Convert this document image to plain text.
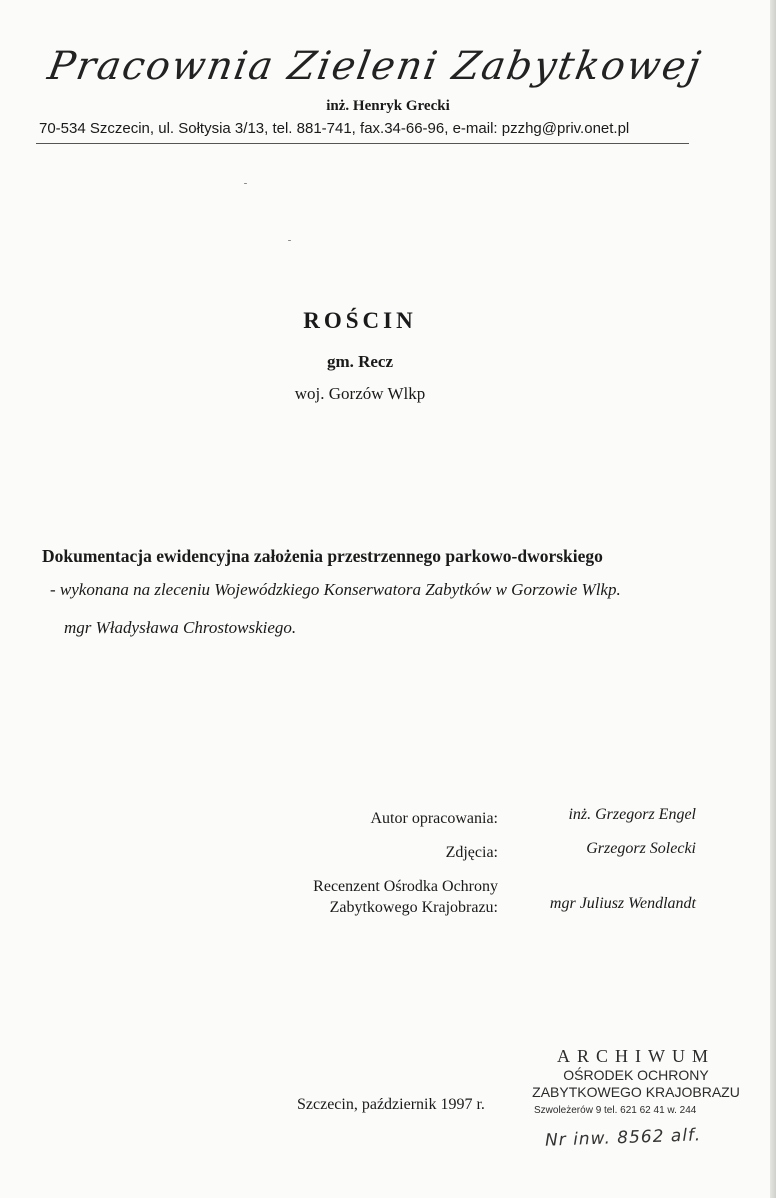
Pracownia Zieleni Zabytkowej
inż. Henryk Grecki
70-534 Szczecin, ul. Sołtysia 3/13, tel. 881-741, fax.34-66-96, e-mail: pzzhg@priv.onet.pl
ROŚCIN
gm. Recz
woj. Gorzów Wlkp
Dokumentacja ewidencyjna założenia przestrzennego parkowo-dworskiego
- wykonana na zleceniu Wojewódzkiego Konserwatora Zabytków w Gorzowie Wlkp.
mgr Władysława Chrostowskiego.
Autor opracowania:	inż. Grzegorz Engel
Zdjęcia:	Grzegorz Solecki
Recenzent Ośrodka Ochrony
Zabytkowego Krajobrazu:	mgr Juliusz Wendlandt
Szczecin, październik 1997 r.
ARCHIWUM
OŚRODEK OCHRONY
ZABYTKOWEGO KRAJOBRAZU
Szwoleżerów 9 tel. 621 62 41 w. 244
Nr inw. 8562 alf.
